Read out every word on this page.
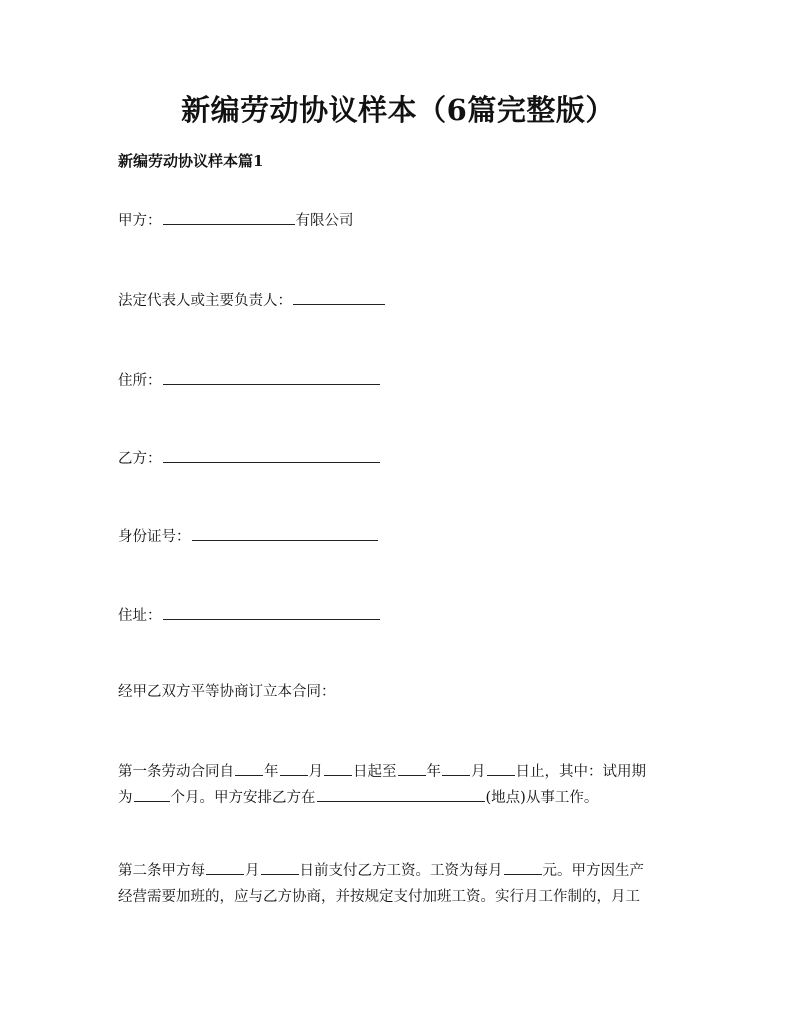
新编劳动协议样本（6篇完整版）
新编劳动协议样本篇1
甲方：	有限公司
法定代表人或主要负责人：
住所：
乙方：
身份证号：
住址：
经甲乙双方平等协商订立本合同：

第一条劳动合同自 年 月 日起至 年 月 日止，其中：试用期
为	个月。甲方安排乙方在	(地点)从事工作。

第二条甲方每	月	日前支付乙方工资。工资为每月	元。甲方因生产
经营需要加班的，应与乙方协商，并按规定支付加班工资。实行月工作制的，月工
